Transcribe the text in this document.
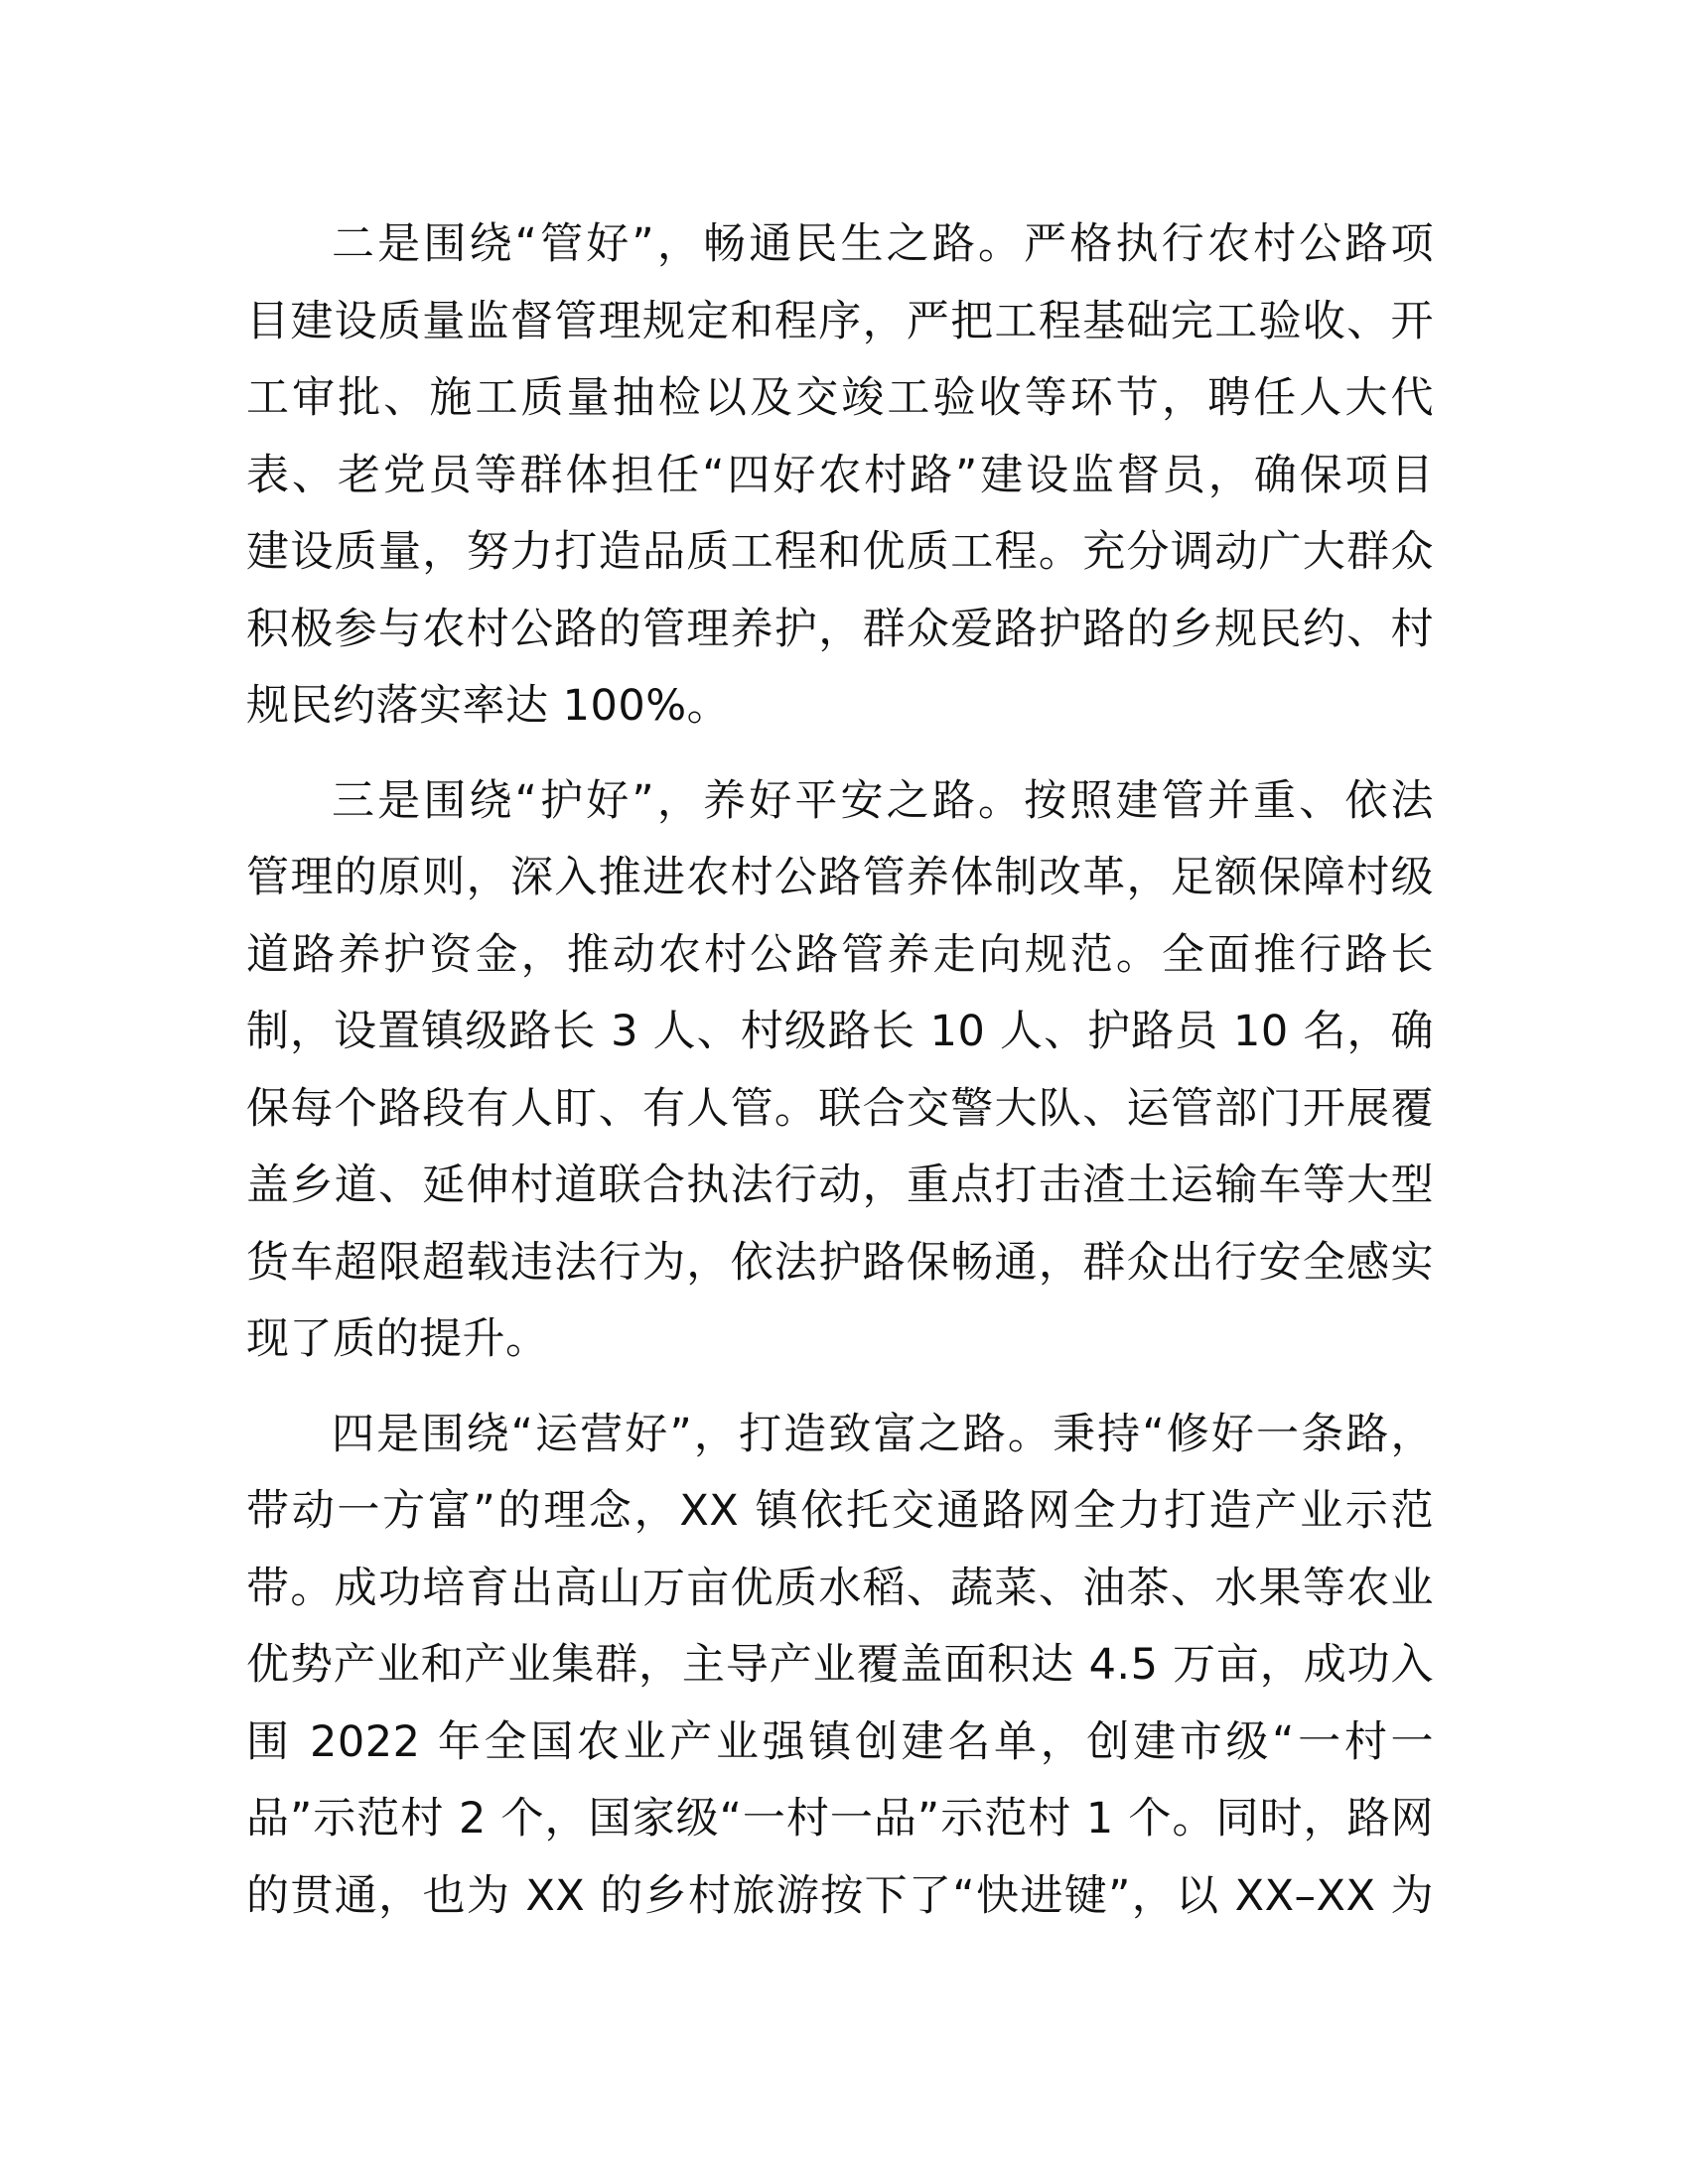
二是围绕“管好”，畅通民生之路。严格执行农村公路项
目建设质量监督管理规定和程序，严把工程基础完工验收、开
工审批、施工质量抽检以及交竣工验收等环节，聘任人大代
表、老党员等群体担任“四好农村路”建设监督员，确保项目
建设质量，努力打造品质工程和优质工程。充分调动广大群众
积极参与农村公路的管理养护，群众爱路护路的乡规民约、村
规民约落实率达 100%。

三是围绕“护好”，养好平安之路。按照建管并重、依法
管理的原则，深入推进农村公路管养体制改革，足额保障村级
道路养护资金，推动农村公路管养走向规范。全面推行路长
制，设置镇级路长 3 人、村级路长 10 人、护路员 10 名，确
保每个路段有人盯、有人管。联合交警大队、运管部门开展覆
盖乡道、延伸村道联合执法行动，重点打击渣土运输车等大型
货车超限超载违法行为，依法护路保畅通，群众出行安全感实
现了质的提升。

四是围绕“运营好”，打造致富之路。秉持“修好一条路，
带动一方富”的理念，XX 镇依托交通路网全力打造产业示范
带。成功培育出高山万亩优质水稻、蔬菜、油茶、水果等农业
优势产业和产业集群，主导产业覆盖面积达 4.5 万亩，成功入
围 2022 年全国农业产业强镇创建名单，创建市级“一村一
品”示范村 2 个，国家级“一村一品”示范村 1 个。同时，路网
的贯通，也为 XX 的乡村旅游按下了“快进键”，以 XX–XX 为
